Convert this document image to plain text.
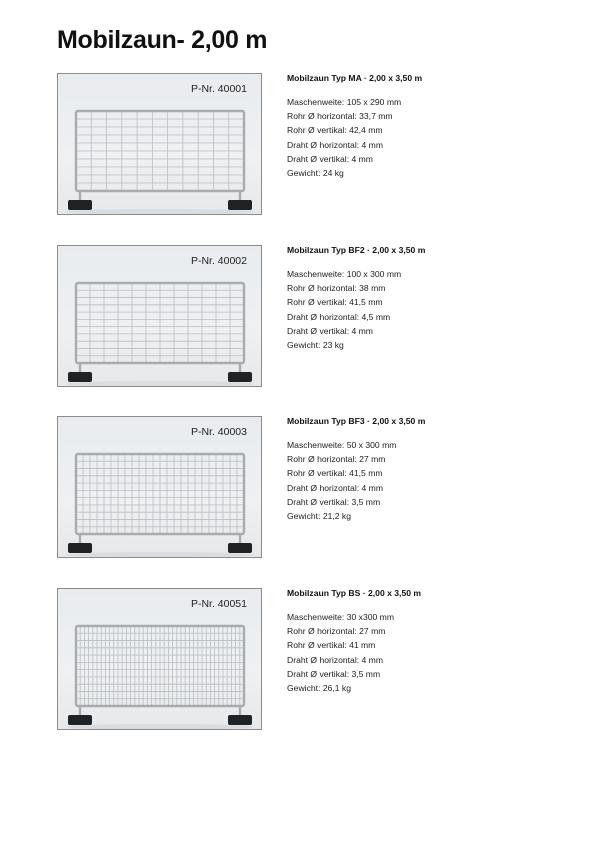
Mobilzaun- 2,00 m
P-Nr. 40001
Mobilzaun Typ MA · 2,00 x 3,50 m
Maschenweite: 105 x 290 mm
Rohr Ø horizontal: 33,7 mm
Rohr Ø vertikal: 42,4 mm
Draht Ø horizontal: 4 mm
Draht Ø vertikal: 4 mm
Gewicht: 24 kg
P-Nr. 40002
Mobilzaun Typ BF2 · 2,00 x 3,50 m
Maschenweite: 100 x 300 mm
Rohr Ø horizontal: 38 mm
Rohr Ø vertikal: 41,5 mm
Draht Ø horizontal: 4,5 mm
Draht Ø vertikal: 4 mm
Gewicht: 23 kg
P-Nr. 40003
Mobilzaun Typ BF3 · 2,00 x 3,50 m
Maschenweite: 50 x 300 mm
Rohr Ø horizontal: 27 mm
Rohr Ø vertikal: 41,5 mm
Draht Ø horizontal: 4 mm
Draht Ø vertikal: 3,5 mm
Gewicht: 21,2 kg
P-Nr. 40051
Mobilzaun Typ BS · 2,00 x 3,50 m
Maschenweite: 30 x300 mm
Rohr Ø horizontal: 27 mm
Rohr Ø vertikal: 41 mm
Draht Ø horizontal: 4 mm
Draht Ø vertikal: 3,5 mm
Gewicht: 26,1 kg
